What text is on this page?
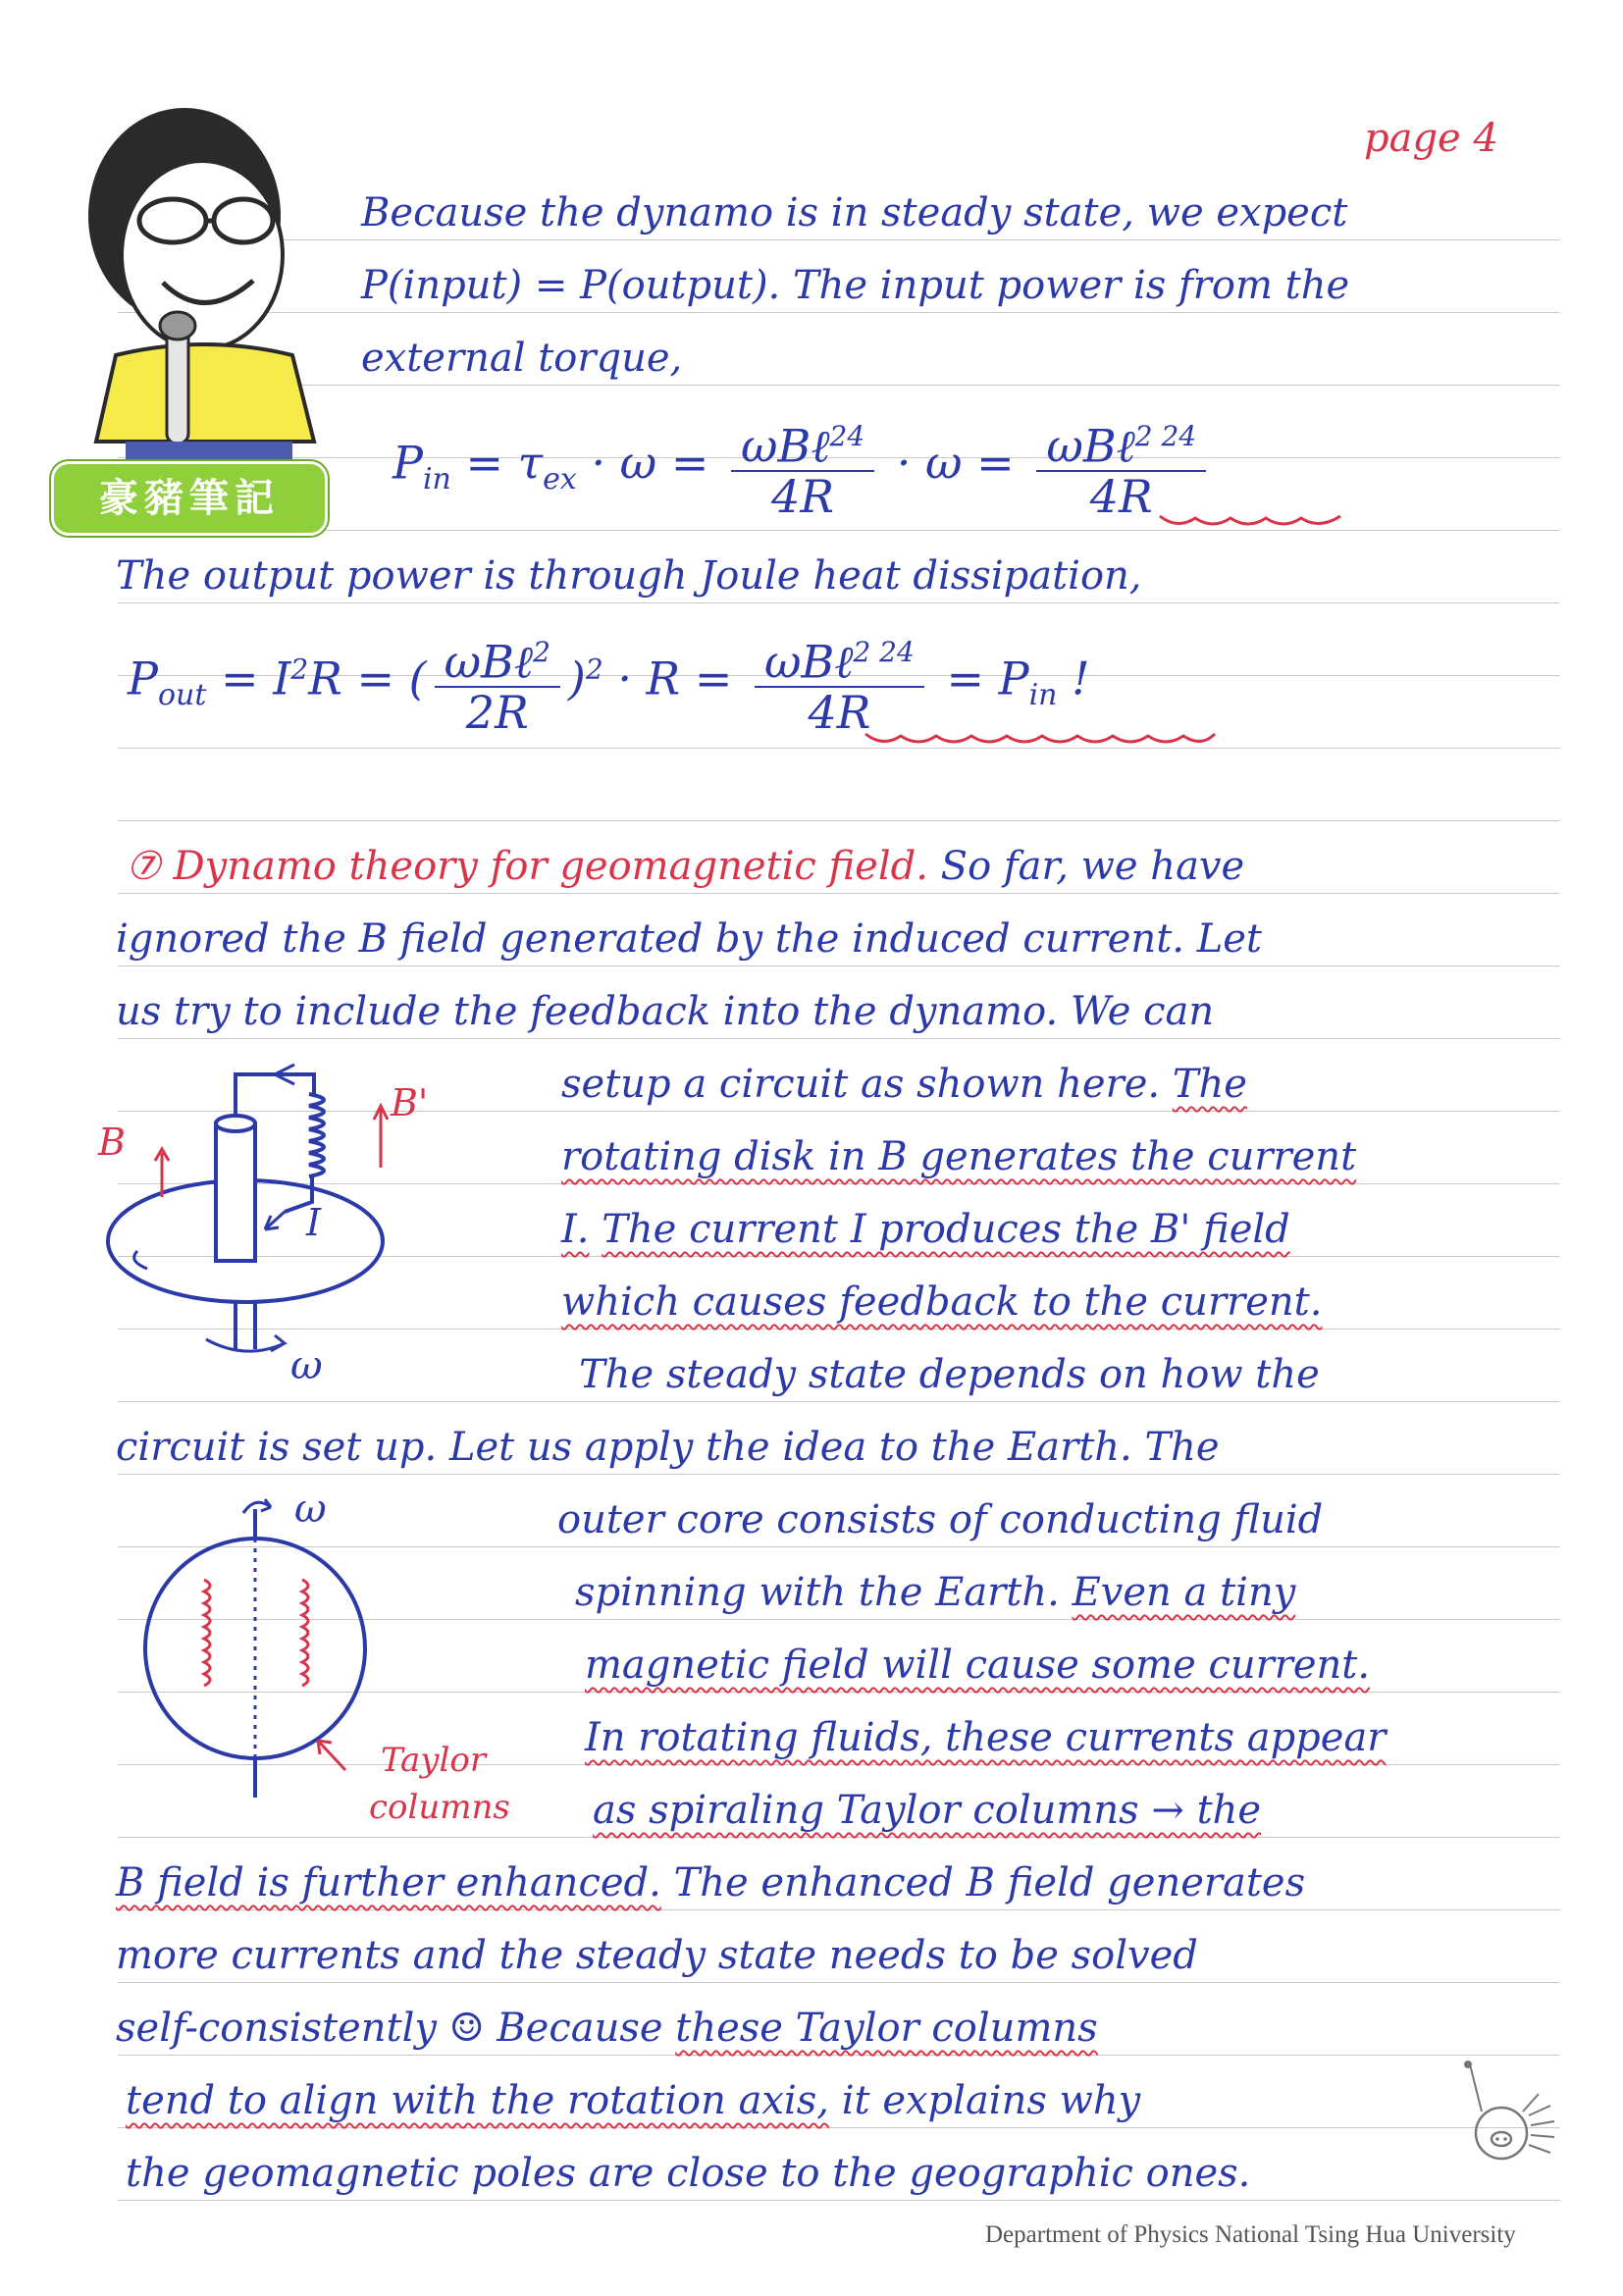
豪豬筆記
page 4
Because the dynamo is in steady state, we expect
P(input) = P(output). The input power is from the
external torque,
$P_{in} = \tau_{ex} \cdot \omega = \frac{\omega B\ell^{24}}{4R} \cdot \omega = \frac{\omega B\ell^{2 24}}{4R}$
The output power is through Joule heat dissipation,
$P_{out} = I^2R$ = ( $\frac{\omega B\ell^2}{2R} )^2 \cdot R = \frac{\omega B\ell^{2 24}}{4R} = P_{in}$ !
⑦ Dynamo theory for geomagnetic field. So far, we have
ignored the B field generated by the induced current. Let
us try to include the feedback into the dynamo. We can
B
B'
I
ω
setup a circuit as shown here. The
rotating disk in B generates the current
I. The current I produces the B' field
which causes feedback to the current.
The steady state depends on how the
circuit is set up. Let us apply the idea to the Earth. The
ω
Taylor
columns
outer core consists of conducting fluid
spinning with the Earth. Even a tiny
magnetic field will cause some current.
In rotating fluids, these currents appear
as spiraling Taylor columns → the
B field is further enhanced. The enhanced B field generates
more currents and the steady state needs to be solved
self-consistently ☺ Because these Taylor columns
tend to align with the rotation axis, it explains why
the geomagnetic poles are close to the geographic ones.
Department of Physics National Tsing Hua University
